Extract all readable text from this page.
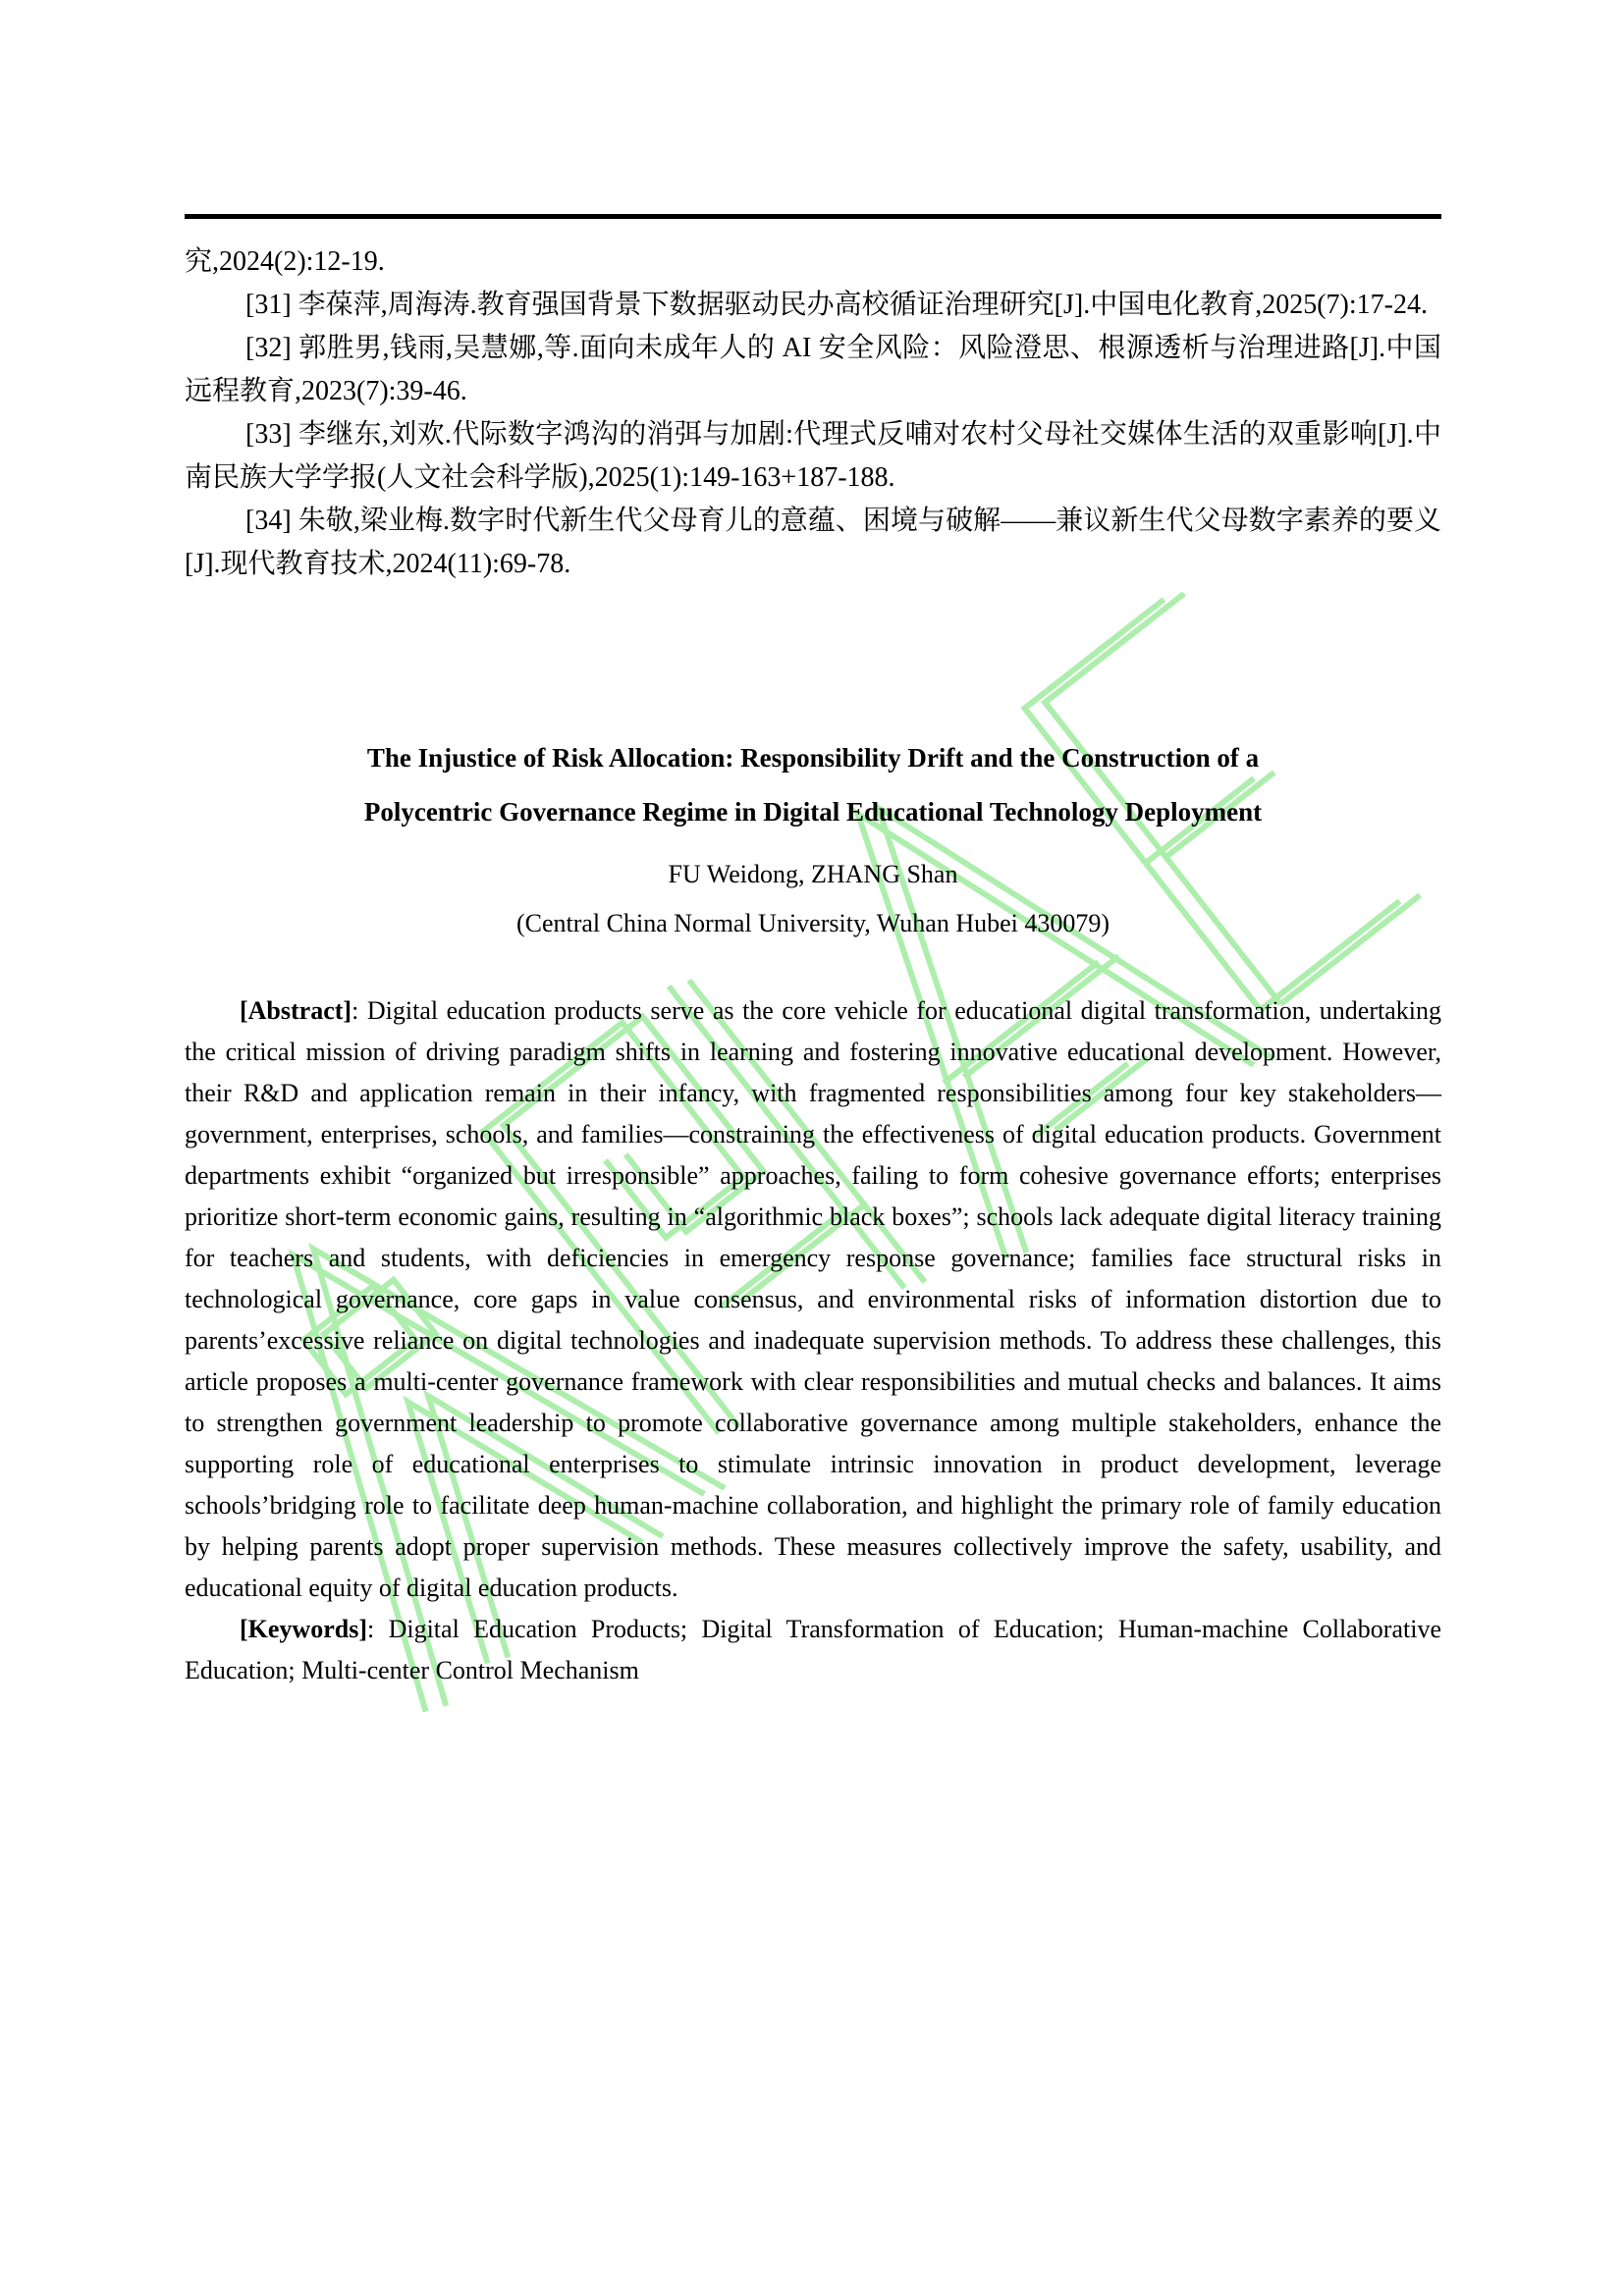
究,2024(2):12-19.

[31] 李葆萍,周海涛.教育强国背景下数据驱动民办高校循证治理研究[J].中国电化教育,2025(7):17-24.

[32] 郭胜男,钱雨,吴慧娜,等.面向未成年人的 AI 安全风险：风险澄思、根源透析与治理进路[J].中国远程教育,2023(7):39-46.

[33] 李继东,刘欢.代际数字鸿沟的消弭与加剧:代理式反哺对农村父母社交媒体生活的双重影响[J].中南民族大学学报(人文社会科学版),2025(1):149-163+187-188.

[34] 朱敬,梁业梅.数字时代新生代父母育儿的意蕴、困境与破解——兼议新生代父母数字素养的要义[J].现代教育技术,2024(11):69-78.

The Injustice of Risk Allocation: Responsibility Drift and the Construction of a Polycentric Governance Regime in Digital Educational Technology Deployment

FU Weidong, ZHANG Shan

(Central China Normal University, Wuhan Hubei 430079)

[Abstract]: Digital education products serve as the core vehicle for educational digital transformation, undertaking the critical mission of driving paradigm shifts in learning and fostering innovative educational development. However, their R&D and application remain in their infancy, with fragmented responsibilities among four key stakeholders—government, enterprises, schools, and families—constraining the effectiveness of digital education products. Government departments exhibit “organized but irresponsible” approaches, failing to form cohesive governance efforts; enterprises prioritize short-term economic gains, resulting in “algorithmic black boxes”; schools lack adequate digital literacy training for teachers and students, with deficiencies in emergency response governance; families face structural risks in technological governance, core gaps in value consensus, and environmental risks of information distortion due to parents’excessive reliance on digital technologies and inadequate supervision methods. To address these challenges, this article proposes a multi-center governance framework with clear responsibilities and mutual checks and balances. It aims to strengthen government leadership to promote collaborative governance among multiple stakeholders, enhance the supporting role of educational enterprises to stimulate intrinsic innovation in product development, leverage schools’bridging role to facilitate deep human-machine collaboration, and highlight the primary role of family education by helping parents adopt proper supervision methods. These measures collectively improve the safety, usability, and educational equity of digital education products.

[Keywords]: Digital Education Products; Digital Transformation of Education; Human-machine Collaborative Education; Multi-center Control Mechanism
